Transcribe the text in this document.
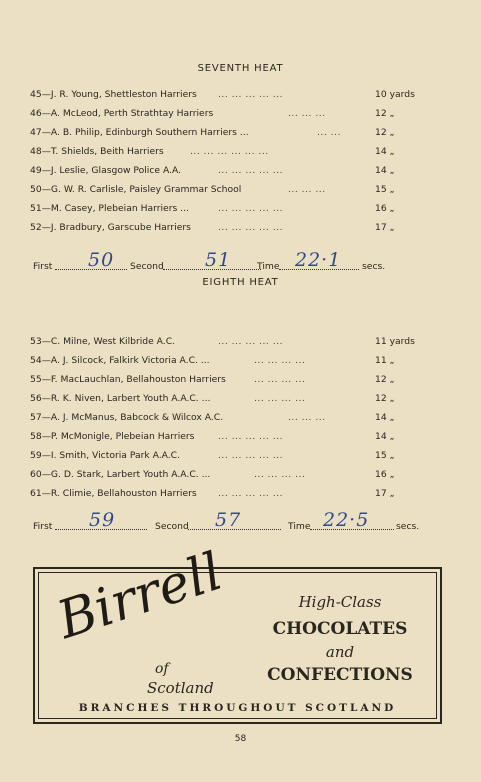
SEVENTH HEAT
45—J. R. Young, Shettleston Harriers ... ... ... ... ...	10 yards
46—A. McLeod, Perth Strathtay Harriers	... ... ...	12 „
47—A. B. Philip, Edinburgh Southern Harriers ...	... ...	12 „
48—T. Shields, Beith Harriers	... ... ... ... ... ...	14 „
49—J. Leslie, Glasgow Police A.A.	... ... ... ... ...	14 „
50—G. W. R. Carlisle, Paisley Grammar School	... ... ...	15 „
51—M. Casey, Plebeian Harriers ...	... ... ... ... ...	16 „
52—J. Bradbury, Garscube Harriers	... ... ... ... ...	17 „
First 50 Second 51	Time 22·1 secs.
EIGHTH HEAT
53—C. Milne, West Kilbride A.C.	... ... ... ... ...	11 yards
54—A. J. Silcock, Falkirk Victoria A.C. ...	... ... ... ...	11 „
55—F. MacLauchlan, Bellahouston Harriers	... ... ... ...	12 „
56—R. K. Niven, Larbert Youth A.A.C. ...	... ... ... ...	12 „
57—A. J. McManus, Babcock & Wilcox A.C.	... ... ...	14 „
58—P. McMonigle, Plebeian Harriers	... ... ... ... ...	14 „
59—I. Smith, Victoria Park A.A.C.	... ... ... ... ...	15 „
60—G. D. Stark, Larbert Youth A.A.C. ...	... ... ... ...	16 „
61—R. Climie, Bellahouston Harriers ... ... ... ... ...	17 „
First 59	Second 57	Time 22·5	secs.
Birrell
of
Scotland
High-Class
CHOCOLATES
and
CONFECTIONS
BRANCHES THROUGHOUT SCOTLAND
58
